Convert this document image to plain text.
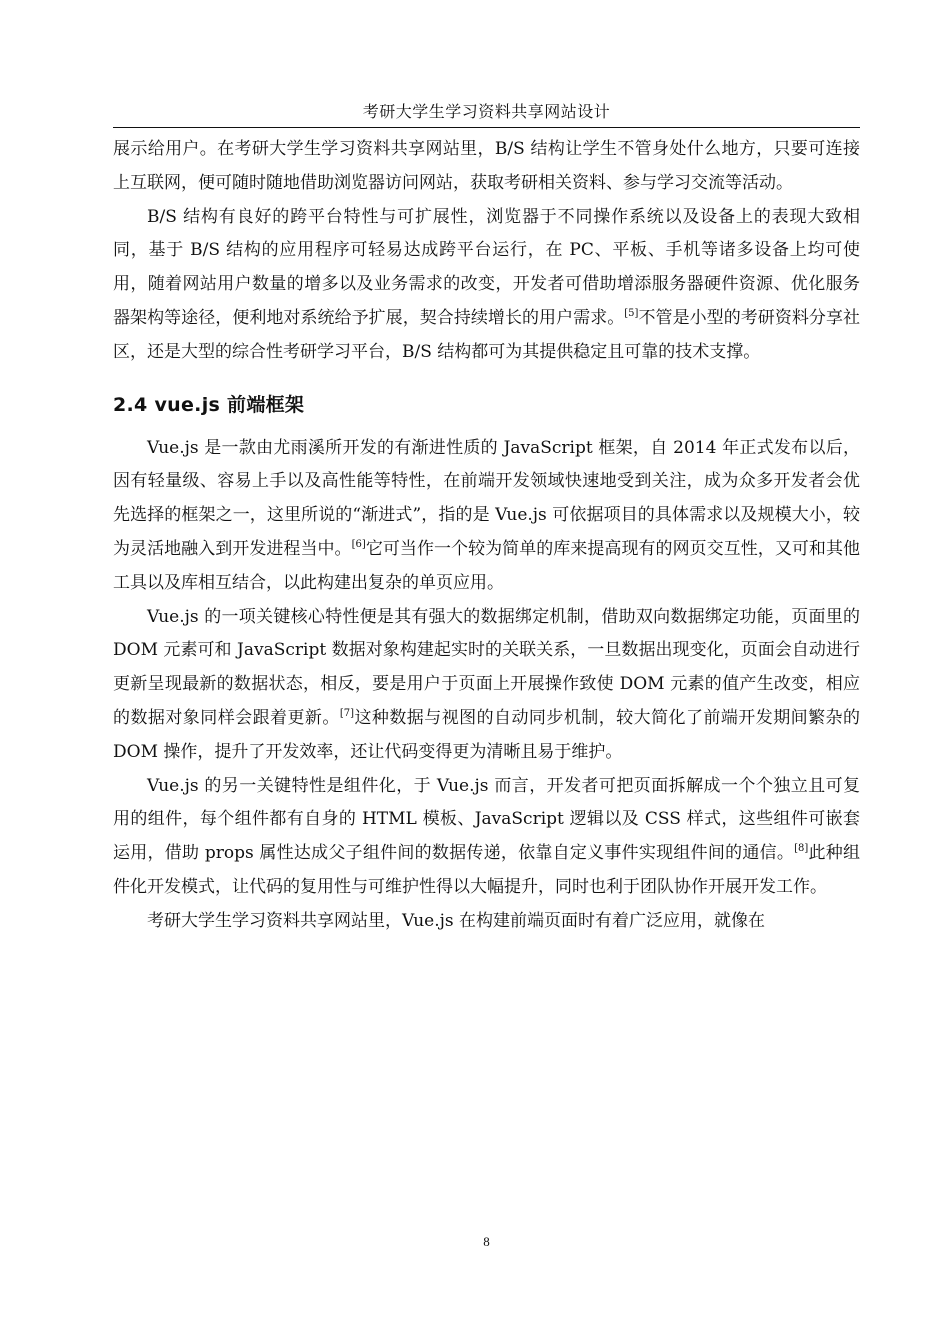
考研大学生学习资料共享网站设计

展示给用户。在考研大学生学习资料共享网站里，B/S 结构让学生不管身处什么地方，只要可连接上互联网，便可随时随地借助浏览器访问网站，获取考研相关资料、参与学习交流等活动。

B/S 结构有良好的跨平台特性与可扩展性，浏览器于不同操作系统以及设备上的表现大致相同，基于 B/S 结构的应用程序可轻易达成跨平台运行，在 PC、平板、手机等诸多设备上均可使用，随着网站用户数量的增多以及业务需求的改变，开发者可借助增添服务器硬件资源、优化服务器架构等途径，便利地对系统给予扩展，契合持续增长的用户需求。[5]不管是小型的考研资料分享社区，还是大型的综合性考研学习平台，B/S 结构都可为其提供稳定且可靠的技术支撑。

2.4 vue.js 前端框架

Vue.js 是一款由尤雨溪所开发的有渐进性质的 JavaScript 框架，自 2014 年正式发布以后，因有轻量级、容易上手以及高性能等特性，在前端开发领域快速地受到关注，成为众多开发者会优先选择的框架之一，这里所说的“渐进式”，指的是 Vue.js 可依据项目的具体需求以及规模大小，较为灵活地融入到开发进程当中。[6]它可当作一个较为简单的库来提高现有的网页交互性，又可和其他工具以及库相互结合，以此构建出复杂的单页应用。

Vue.js 的一项关键核心特性便是其有强大的数据绑定机制，借助双向数据绑定功能，页面里的 DOM 元素可和 JavaScript 数据对象构建起实时的关联关系，一旦数据出现变化，页面会自动进行更新呈现最新的数据状态，相反，要是用户于页面上开展操作致使 DOM 元素的值产生改变，相应的数据对象同样会跟着更新。[7]这种数据与视图的自动同步机制，较大简化了前端开发期间繁杂的 DOM 操作，提升了开发效率，还让代码变得更为清晰且易于维护。

Vue.js 的另一关键特性是组件化，于 Vue.js 而言，开发者可把页面拆解成一个个独立且可复用的组件，每个组件都有自身的 HTML 模板、JavaScript 逻辑以及 CSS 样式，这些组件可嵌套运用，借助 props 属性达成父子组件间的数据传递，依靠自定义事件实现组件间的通信。[8]此种组件化开发模式，让代码的复用性与可维护性得以大幅提升，同时也利于团队协作开展开发工作。

考研大学生学习资料共享网站里，Vue.js 在构建前端页面时有着广泛应用，就像在

8
